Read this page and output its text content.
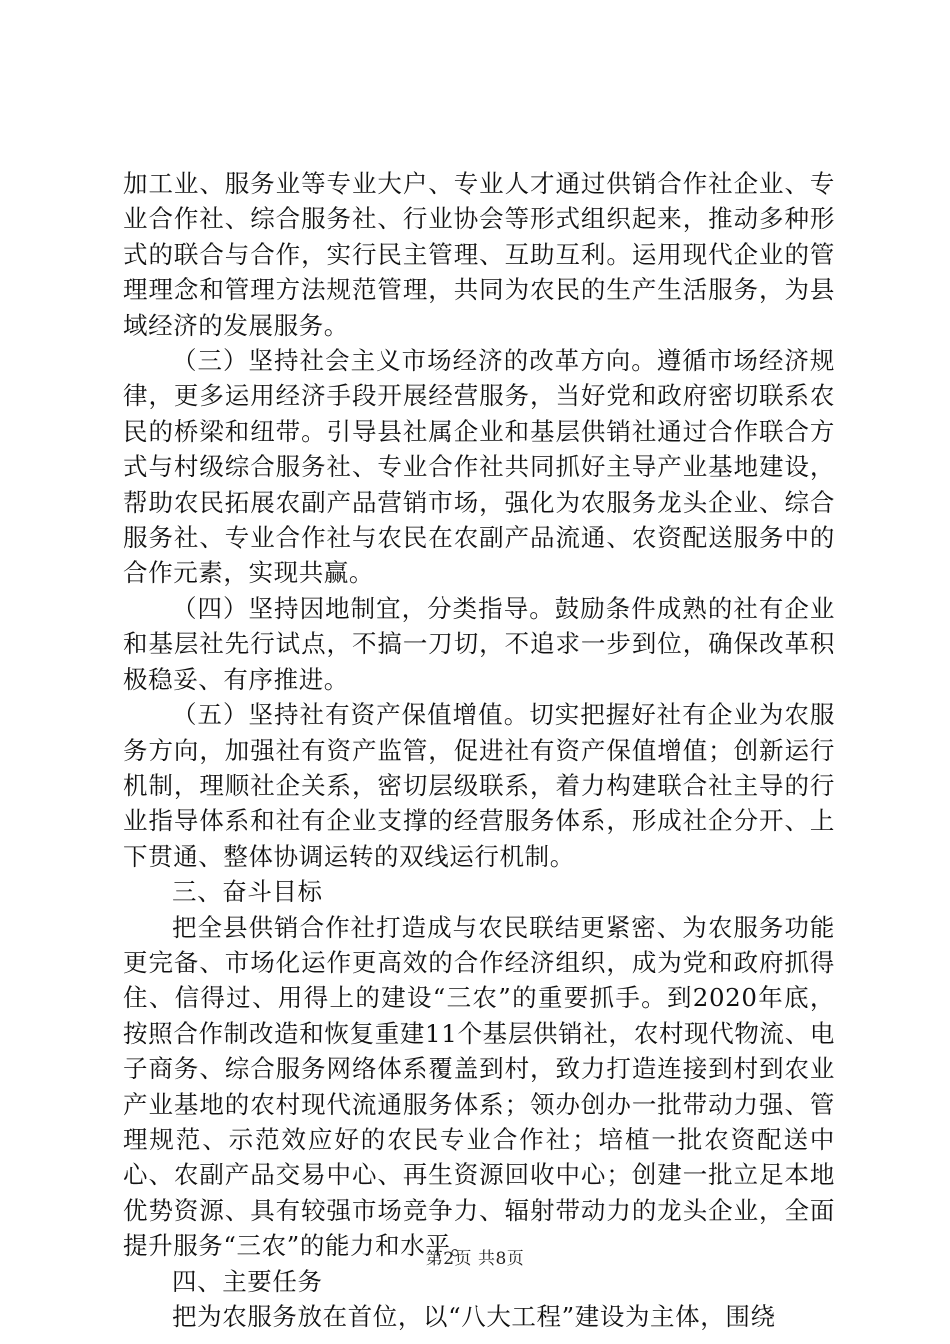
加工业、服务业等专业大户、专业人才通过供销合作社企业、专业合作社、综合服务社、行业协会等形式组织起来，推动多种形式的联合与合作，实行民主管理、互助互利。运用现代企业的管理理念和管理方法规范管理，共同为农民的生产生活服务，为县域经济的发展服务。

（三）坚持社会主义市场经济的改革方向。遵循市场经济规律，更多运用经济手段开展经营服务，当好党和政府密切联系农民的桥梁和纽带。引导县社属企业和基层供销社通过合作联合方式与村级综合服务社、专业合作社共同抓好主导产业基地建设，帮助农民拓展农副产品营销市场，强化为农服务龙头企业、综合服务社、专业合作社与农民在农副产品流通、农资配送服务中的合作元素，实现共赢。

（四）坚持因地制宜，分类指导。鼓励条件成熟的社有企业和基层社先行试点，不搞一刀切，不追求一步到位，确保改革积极稳妥、有序推进。

（五）坚持社有资产保值增值。切实把握好社有企业为农服务方向，加强社有资产监管，促进社有资产保值增值；创新运行机制，理顺社企关系，密切层级联系，着力构建联合社主导的行业指导体系和社有企业支撑的经营服务体系，形成社企分开、上下贯通、整体协调运转的双线运行机制。

三、奋斗目标

把全县供销合作社打造成与农民联结更紧密、为农服务功能更完备、市场化运作更高效的合作经济组织，成为党和政府抓得住、信得过、用得上的建设“三农”的重要抓手。到2020年底，按照合作制改造和恢复重建11个基层供销社，农村现代物流、电子商务、综合服务网络体系覆盖到村，致力打造连接到村到农业产业基地的农村现代流通服务体系；领办创办一批带动力强、管理规范、示范效应好的农民专业合作社；培植一批农资配送中心、农副产品交易中心、再生资源回收中心；创建一批立足本地优势资源、具有较强市场竞争力、辐射带动力的龙头企业，全面提升服务“三农”的能力和水平。

四、主要任务

把为农服务放在首位，以“八大工程”建设为主体，围绕

第2页 共8页
